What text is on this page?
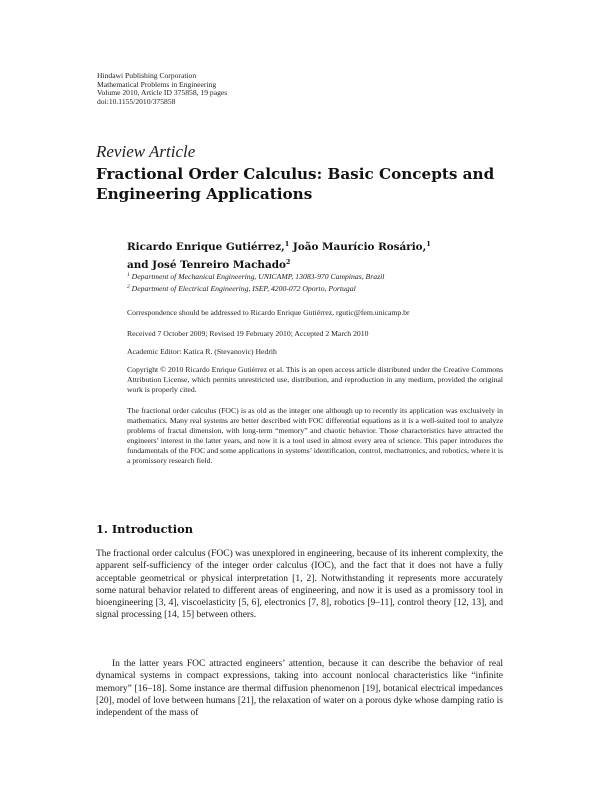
Hindawi Publishing Corporation
Mathematical Problems in Engineering
Volume 2010, Article ID 375858, 19 pages
doi:10.1155/2010/375858
Review Article
Fractional Order Calculus: Basic Concepts and Engineering Applications
Ricardo Enrique Gutiérrez,$^1$ João Maurício Rosário,$^1$
and José Tenreiro Machado$^2$
$^1$ Department of Mechanical Engineering, UNICAMP, 13083-970 Campinas, Brazil
$^2$ Department of Electrical Engineering, ISEP, 4200-072 Oporto, Portugal
Correspondence should be addressed to Ricardo Enrique Gutiérrez, rgutic@fem.unicamp.br
Received 7 October 2009; Revised 19 February 2010; Accepted 2 March 2010
Academic Editor: Katica R. (Stevanovic) Hedrih
Copyright © 2010 Ricardo Enrique Gutiérrez et al. This is an open access article distributed under the Creative Commons Attribution License, which permits unrestricted use, distribution, and reproduction in any medium, provided the original work is properly cited.
The fractional order calculus (FOC) is as old as the integer one although up to recently its application was exclusively in mathematics. Many real systems are better described with FOC differential equations as it is a well-suited tool to analyze problems of fractal dimension, with long-term “memory” and chaotic behavior. Those characteristics have attracted the engineers’ interest in the latter years, and now it is a tool used in almost every area of science. This paper introduces the fundamentals of the FOC and some applications in systems’ identification, control, mechatronics, and robotics, where it is a promissory research field.
1. Introduction
The fractional order calculus (FOC) was unexplored in engineering, because of its inherent complexity, the apparent self-sufficiency of the integer order calculus (IOC), and the fact that it does not have a fully acceptable geometrical or physical interpretation [1, 2]. Notwithstanding it represents more accurately some natural behavior related to different areas of engineering, and now it is used as a promissory tool in bioengineering [3, 4], viscoelasticity [5, 6], electronics [7, 8], robotics [9–11], control theory [12, 13], and signal processing [14, 15] between others.
In the latter years FOC attracted engineers’ attention, because it can describe the behavior of real dynamical systems in compact expressions, taking into account nonlocal characteristics like “infinite memory” [16–18]. Some instance are thermal diffusion phenomenon [19], botanical electrical impedances [20], model of love between humans [21], the relaxation of water on a porous dyke whose damping ratio is independent of the mass of
